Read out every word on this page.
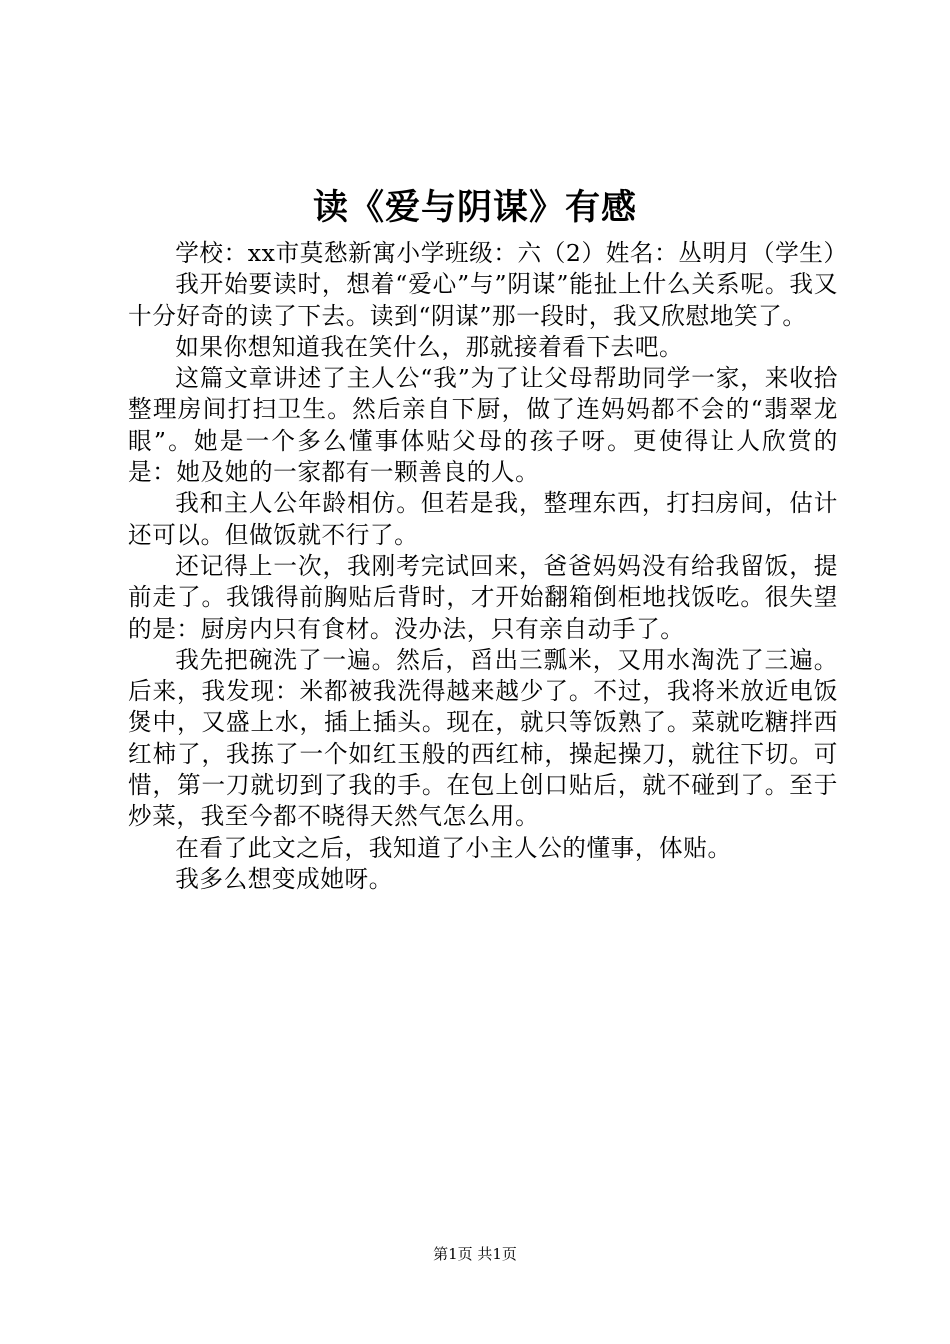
读《爱与阴谋》有感

学校：xx市莫愁新寓小学班级：六（2）姓名：丛明月（学生）

我开始要读时，想着“爱心”与”阴谋”能扯上什么关系呢。我又十分好奇的读了下去。读到“阴谋”那一段时，我又欣慰地笑了。

如果你想知道我在笑什么，那就接着看下去吧。

这篇文章讲述了主人公“我”为了让父母帮助同学一家，来收拾整理房间打扫卫生。然后亲自下厨，做了连妈妈都不会的“翡翠龙眼”。她是一个多么懂事体贴父母的孩子呀。更使得让人欣赏的是：她及她的一家都有一颗善良的人。

我和主人公年龄相仿。但若是我，整理东西，打扫房间，估计还可以。但做饭就不行了。

还记得上一次，我刚考完试回来，爸爸妈妈没有给我留饭，提前走了。我饿得前胸贴后背时，才开始翻箱倒柜地找饭吃。很失望的是：厨房内只有食材。没办法，只有亲自动手了。

我先把碗洗了一遍。然后，舀出三瓢米，又用水淘洗了三遍。后来，我发现：米都被我洗得越来越少了。不过，我将米放近电饭煲中，又盛上水，插上插头。现在，就只等饭熟了。菜就吃糖拌西红柿了，我拣了一个如红玉般的西红柿，操起操刀，就往下切。可惜，第一刀就切到了我的手。在包上创口贴后，就不碰到了。至于炒菜，我至今都不晓得天然气怎么用。

在看了此文之后，我知道了小主人公的懂事，体贴。

我多么想变成她呀。

第1页 共1页
